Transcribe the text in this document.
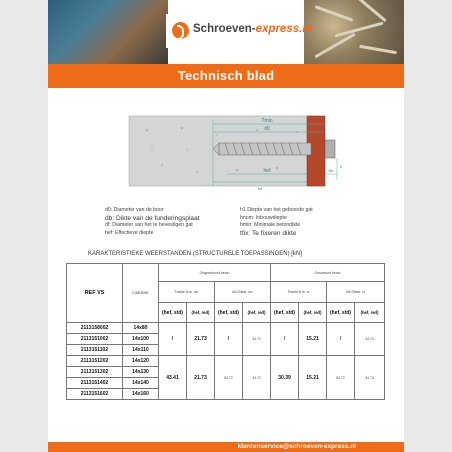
Schroeven-express.nl
Technisch blad
Tmin
d0
hef
h0
tfix
h
d0: Diameter van de boor
db: Dikte van de funderingsplaat
df: Diameter van het te bevestigen gat
hef: Effectieve diepte
h1 Diepte van het geboorde gat
hnom: Inbouwdiepte
hmin: Minimale betondikte
tfix: Te fixeren dikte
KARAKTERISTIEKE WEERSTANDEN (STRUCTURELE TOEPASSINGEN) [kN]
REF VS	DIMENSIE	Ongescheurd beton				Gescheurd beton			
		Tractie N rk, ucr		kN Shear, ucr		Tractie N rk, cr		kN Shear, cr	
		(hef, std)	(hef, red)	(hef, std)	(hef, red)	(hef, std)	(hef, red)	(hef, std)	(hef, red)
2113158002	14x80	/	21.73	/	34.74	/	15.21	/	34.74
2113151002	14x100								
2113151102	14x110								
2113151202	14x120	43.41	21.73	53.72	34.72	30.39	15.21	53.72	34.74
2113151302	14x130								
2113151402	14x140								
2113151602	14x160								
klantenservice@schroeven-express.nl
